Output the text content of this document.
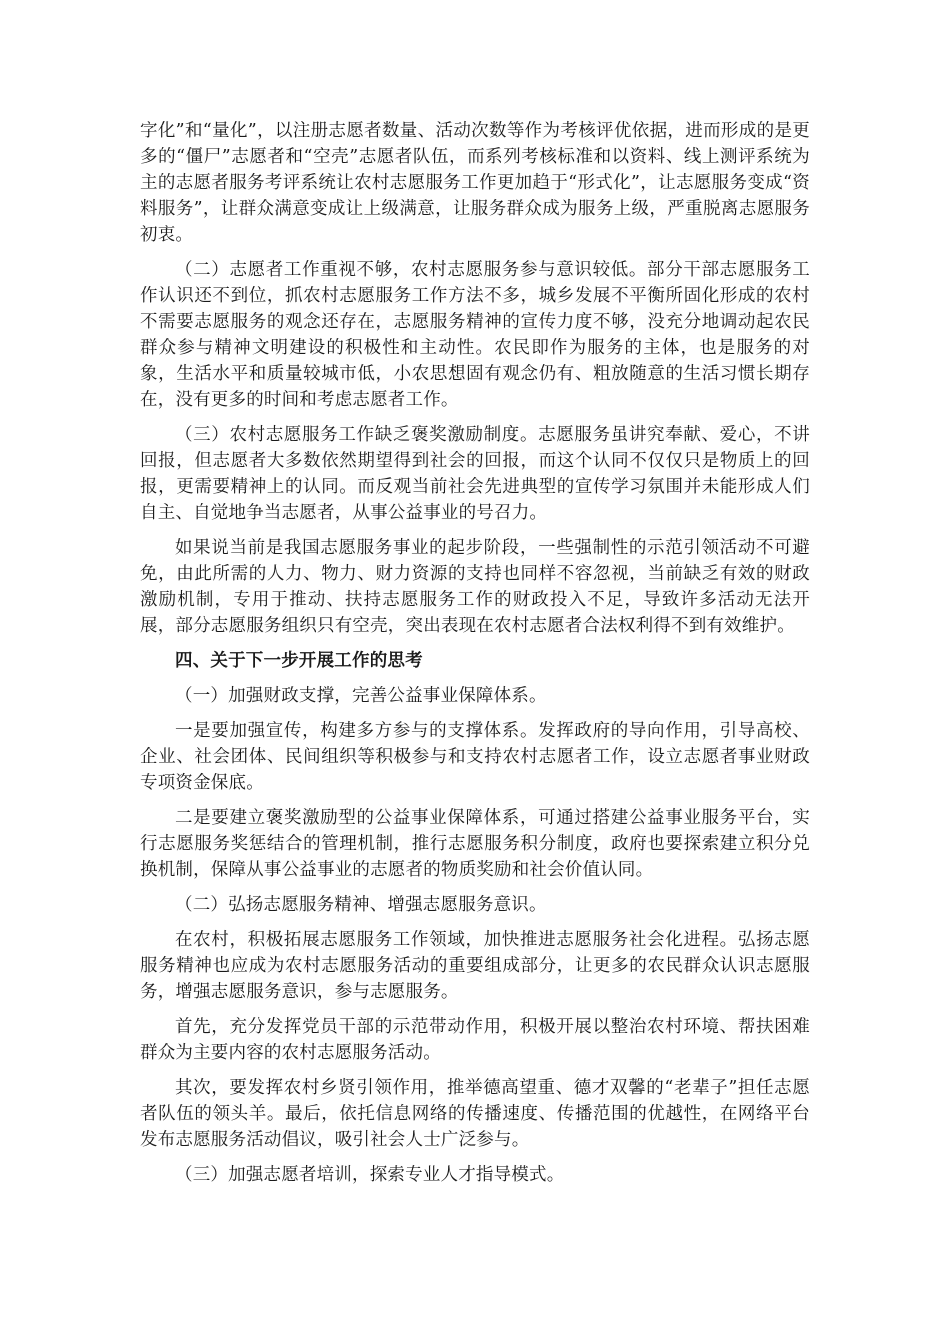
字化”和“量化”，以注册志愿者数量、活动次数等作为考核评优依据，进而形成的是更多的“僵尸”志愿者和“空壳”志愿者队伍，而系列考核标准和以资料、线上测评系统为主的志愿者服务考评系统让农村志愿服务工作更加趋于“形式化”，让志愿服务变成“资料服务”，让群众满意变成让上级满意，让服务群众成为服务上级，严重脱离志愿服务初衷。

（二）志愿者工作重视不够，农村志愿服务参与意识较低。部分干部志愿服务工作认识还不到位，抓农村志愿服务工作方法不多，城乡发展不平衡所固化形成的农村不需要志愿服务的观念还存在，志愿服务精神的宣传力度不够，没充分地调动起农民群众参与精神文明建设的积极性和主动性。农民即作为服务的主体，也是服务的对象，生活水平和质量较城市低，小农思想固有观念仍有、粗放随意的生活习惯长期存在，没有更多的时间和考虑志愿者工作。

（三）农村志愿服务工作缺乏褒奖激励制度。志愿服务虽讲究奉献、爱心，不讲回报，但志愿者大多数依然期望得到社会的回报，而这个认同不仅仅只是物质上的回报，更需要精神上的认同。而反观当前社会先进典型的宣传学习氛围并未能形成人们自主、自觉地争当志愿者，从事公益事业的号召力。

如果说当前是我国志愿服务事业的起步阶段，一些强制性的示范引领活动不可避免，由此所需的人力、物力、财力资源的支持也同样不容忽视，当前缺乏有效的财政激励机制，专用于推动、扶持志愿服务工作的财政投入不足，导致许多活动无法开展，部分志愿服务组织只有空壳，突出表现在农村志愿者合法权利得不到有效维护。

四、关于下一步开展工作的思考

（一）加强财政支撑，完善公益事业保障体系。

一是要加强宣传，构建多方参与的支撑体系。发挥政府的导向作用，引导高校、企业、社会团体、民间组织等积极参与和支持农村志愿者工作，设立志愿者事业财政专项资金保底。

二是要建立褒奖激励型的公益事业保障体系，可通过搭建公益事业服务平台，实行志愿服务奖惩结合的管理机制，推行志愿服务积分制度，政府也要探索建立积分兑换机制，保障从事公益事业的志愿者的物质奖励和社会价值认同。

（二）弘扬志愿服务精神、增强志愿服务意识。

在农村，积极拓展志愿服务工作领域，加快推进志愿服务社会化进程。弘扬志愿服务精神也应成为农村志愿服务活动的重要组成部分，让更多的农民群众认识志愿服务，增强志愿服务意识，参与志愿服务。

首先，充分发挥党员干部的示范带动作用，积极开展以整治农村环境、帮扶困难群众为主要内容的农村志愿服务活动。

其次，要发挥农村乡贤引领作用，推举德高望重、德才双馨的“老辈子”担任志愿者队伍的领头羊。最后，依托信息网络的传播速度、传播范围的优越性，在网络平台发布志愿服务活动倡议，吸引社会人士广泛参与。

（三）加强志愿者培训，探索专业人才指导模式。
